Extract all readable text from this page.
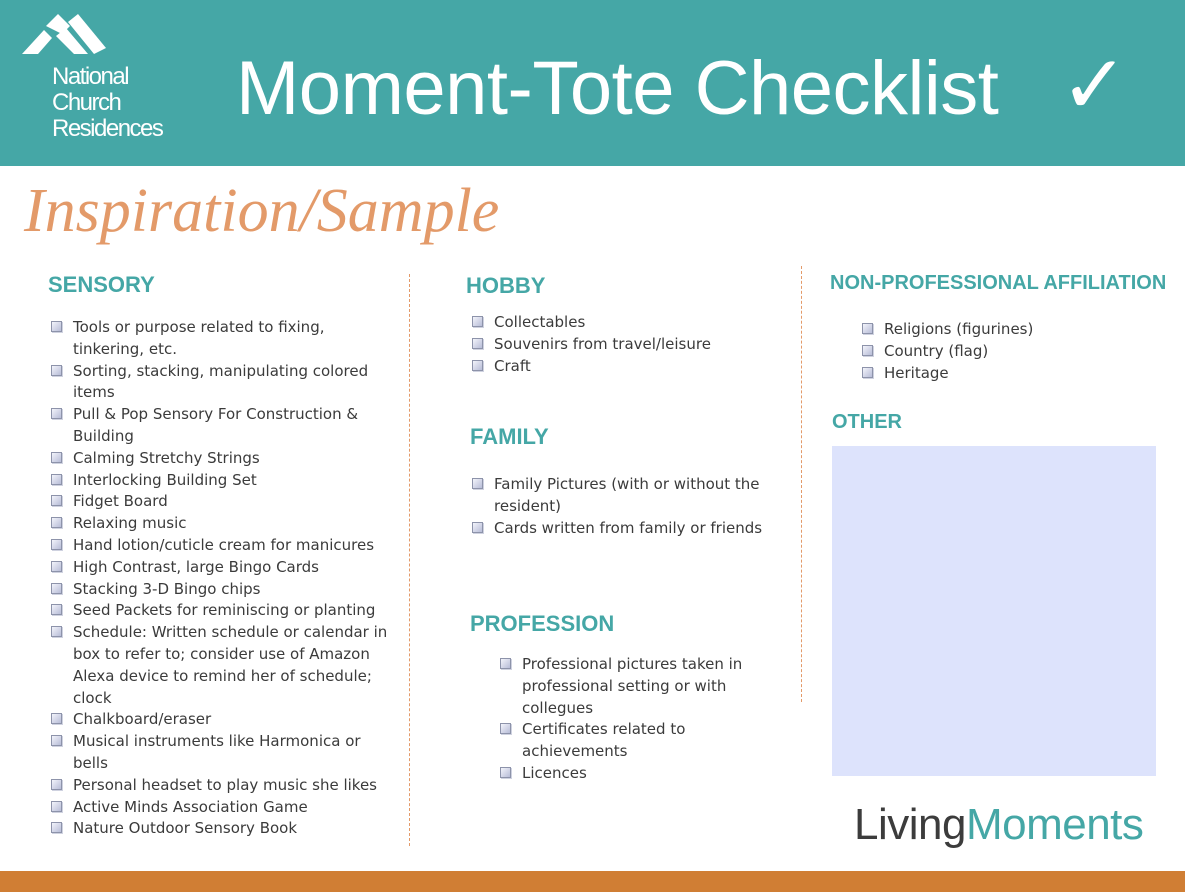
National
Church
Residences Moment-Tote Checklist ✓
Inspiration/Sample
SENSORY
Tools or purpose related to fixing, tinkering, etc.
Sorting, stacking, manipulating colored items
Pull & Pop Sensory For Construction & Building
Calming Stretchy Strings
Interlocking Building Set
Fidget Board
Relaxing music
Hand lotion/cuticle cream for manicures
High Contrast, large Bingo Cards
Stacking 3-D Bingo chips
Seed Packets for reminiscing or planting
Schedule: Written schedule or calendar in box to refer to; consider use of Amazon Alexa device to remind her of schedule; clock
Chalkboard/eraser
Musical instruments like Harmonica or bells
Personal headset to play music she likes
Active Minds Association Game
Nature Outdoor Sensory Book
HOBBY
Collectables
Souvenirs from travel/leisure
Craft
FAMILY
Family Pictures (with or without the resident)
Cards written from family or friends
PROFESSION
Professional pictures taken in professional setting or with collegues
Certificates related to achievements
Licences
NON-PROFESSIONAL AFFILIATION
Religions (figurines)
Country (flag)
Heritage
OTHER
LivingMoments
